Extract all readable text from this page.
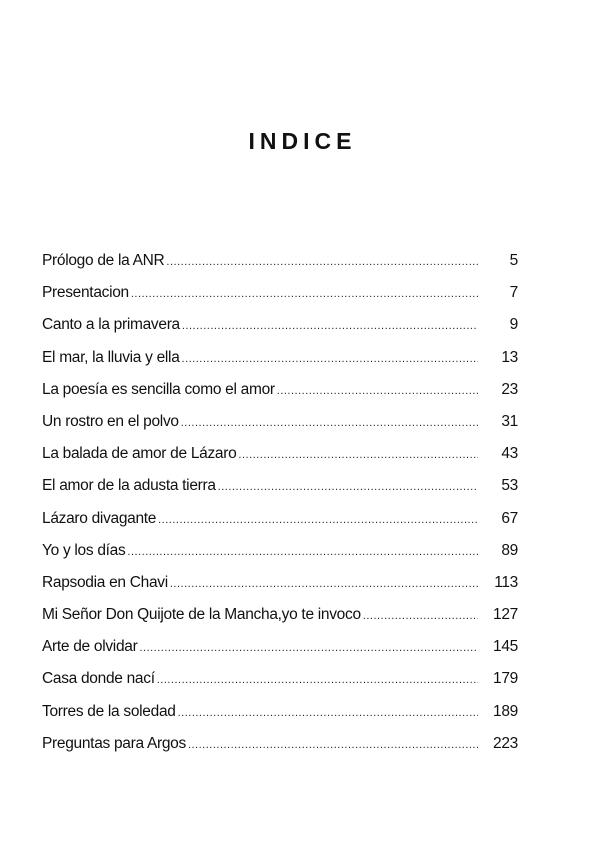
INDICE
Prólogo de la ANR .....	5
Presentacion .....	7
Canto a la primavera .....	9
El mar, la lluvia y ella .....	13
La poesía es sencilla como el amor .....	23
Un rostro en el polvo .....	31
La balada de amor de Lázaro .....	43
El amor de la adusta tierra .....	53
Lázaro divagante .....	67
Yo y los días .....	89
Rapsodia en Chavi .....	113
Mi Señor Don Quijote de la Mancha,yo te invoco .....	127
Arte de olvidar .....	145
Casa donde nací .....	179
Torres de la soledad .....	189
Preguntas para Argos .....	223
